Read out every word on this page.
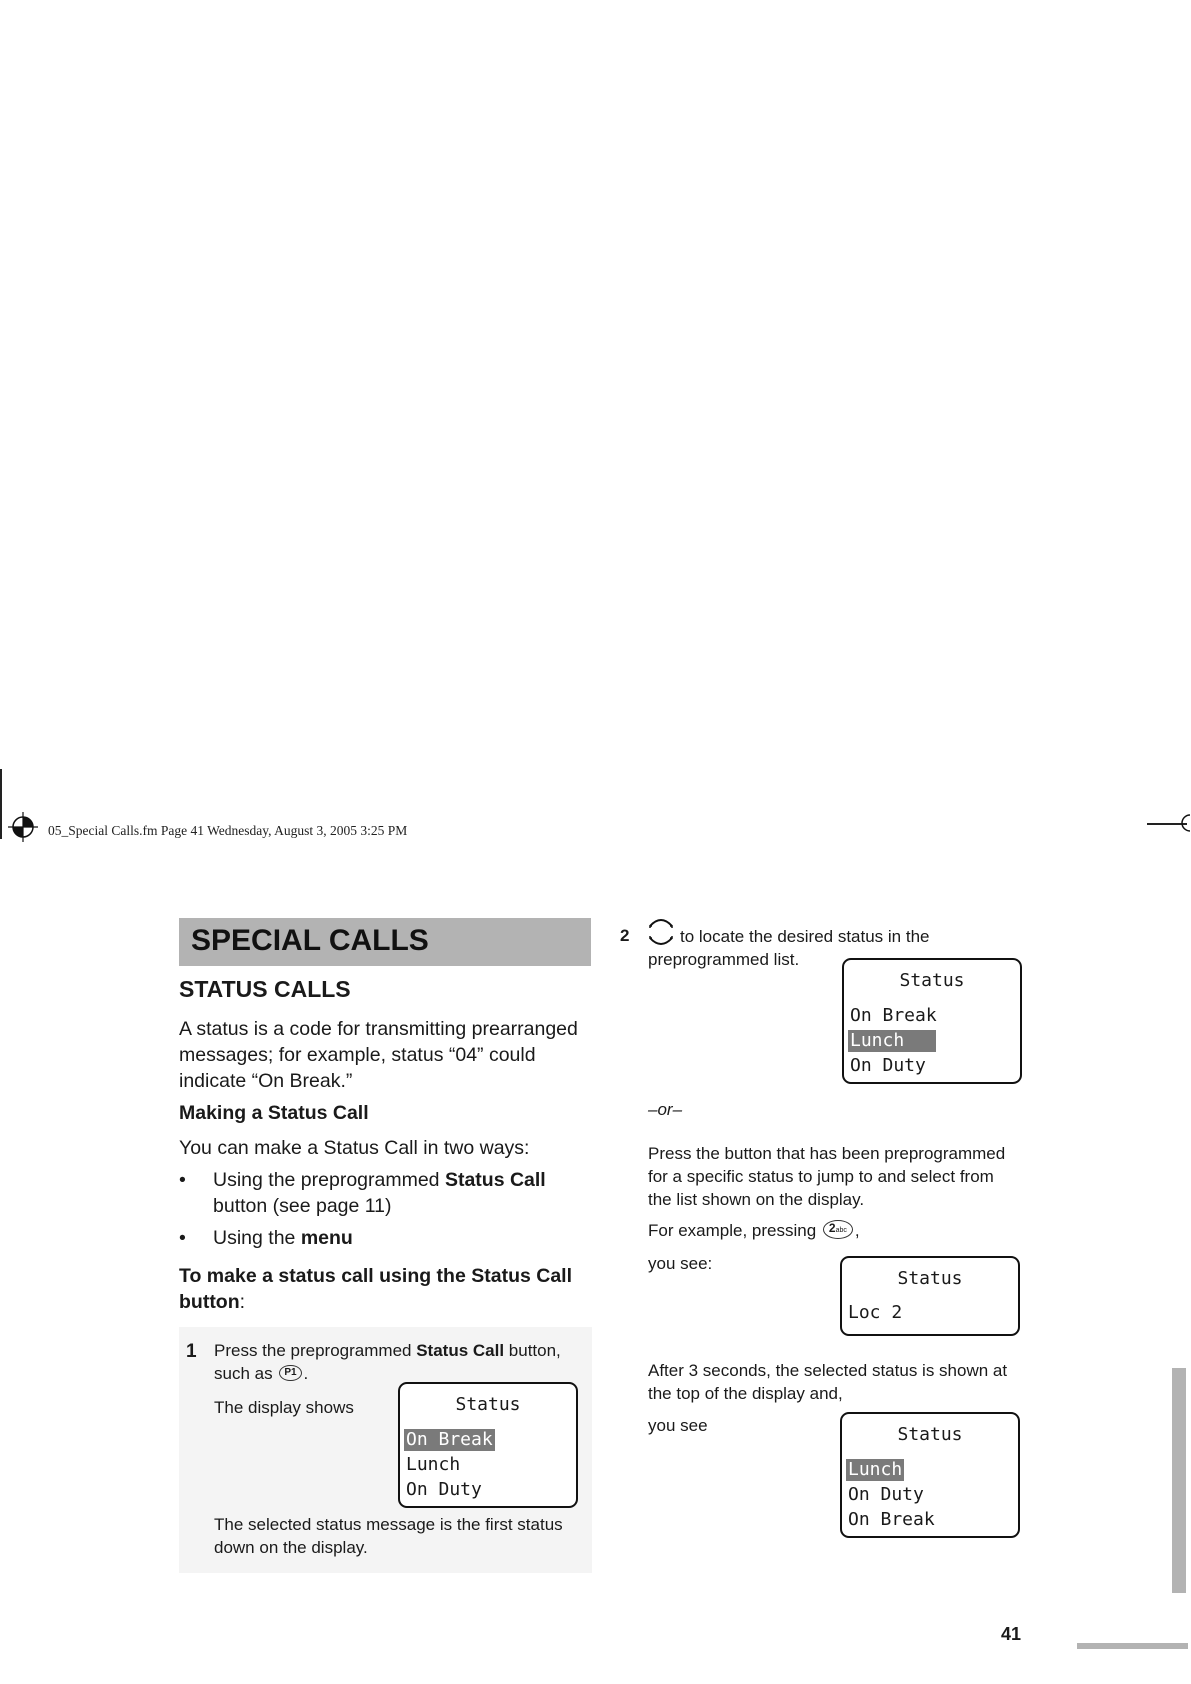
05_Special Calls.fm Page 41 Wednesday, August 3, 2005 3:25 PM
SPECIAL CALLS
STATUS CALLS
A status is a code for transmitting prearranged messages; for example, status “04” could indicate “On Break.”
Making a Status Call
You can make a Status Call in two ways:
• Using the preprogrammed Status Call button (see page 11)
• Using the menu
To make a status call using the Status Call button:
1 Press the preprogrammed Status Call button,
such as P1 .
The display shows
The selected status message is the first status down on the display.
Status
On Break
Lunch
On Duty
2	to locate the desired status in the preprogrammed list.
Status
On Break
Lunch
On Duty
–or–
Press the button that has been preprogrammed for a specific status to jump to and select from the list shown on the display.
For example, pressing 2abc ,
you see:
Status
Loc 2
After 3 seconds, the selected status is shown at the top of the display and,
you see	Status
Lunch
On Duty
On Break
41
